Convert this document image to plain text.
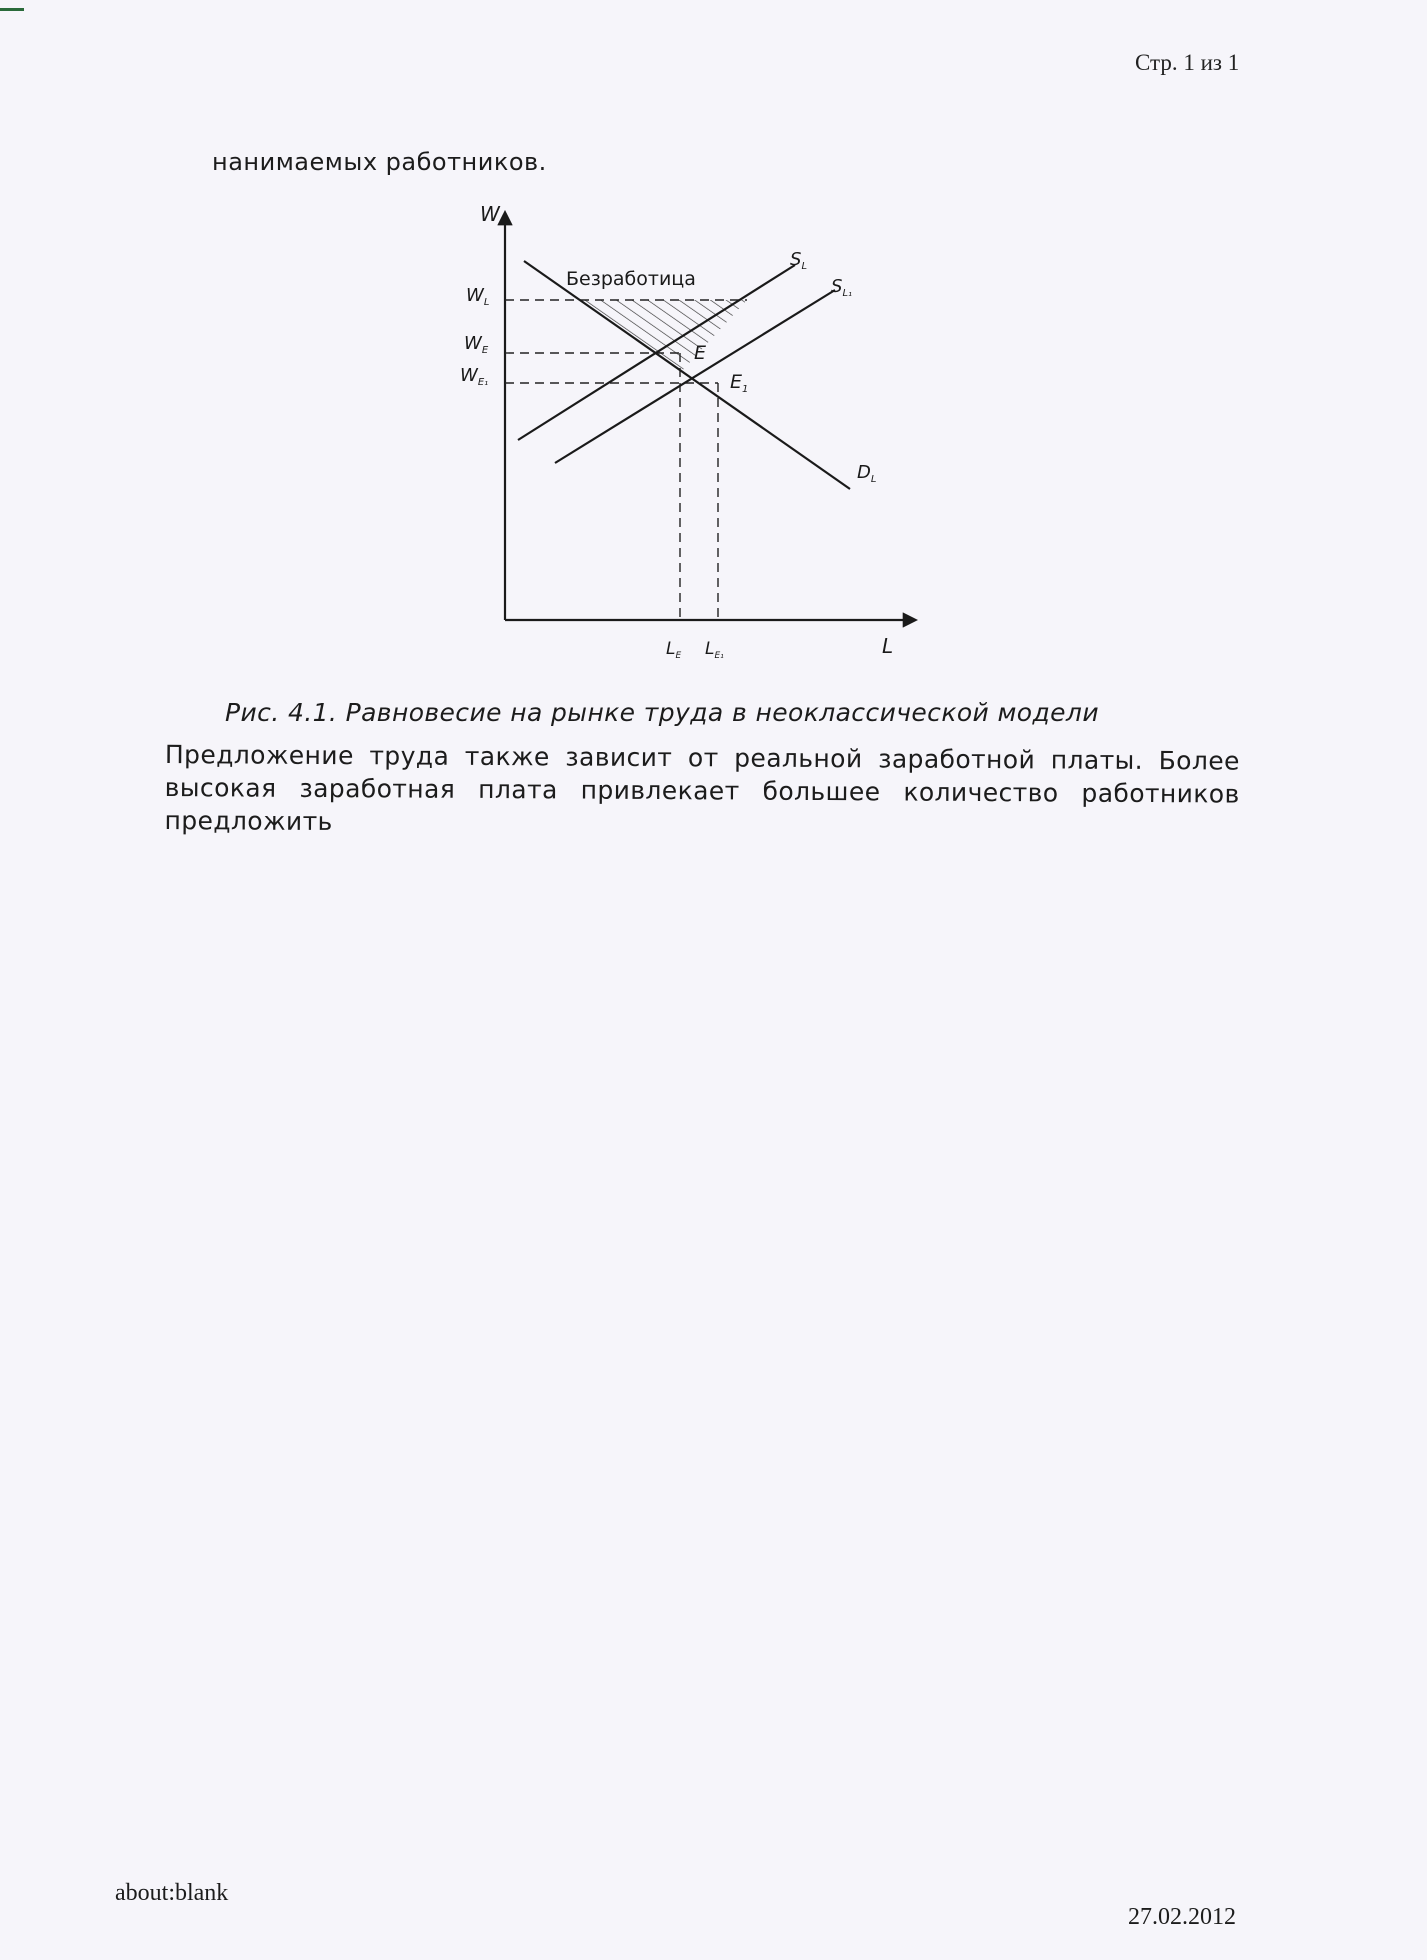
Стр. 1 из 1
нанимаемых работников.
W
L
Безработица
$S_L$
$S_{L_1}$
$D_L$
E
$E_1$
$W_L$
$W_E$
$W_{E_1}$
$L_E$ $L_{E_1}$
Рис. 4.1. Равновесие на рынке труда в неоклассической модели
Предложение труда также зависит от реальной заработной платы. Более высокая заработная плата привлекает большее количество работников предложить
about:blank
27.02.2012
